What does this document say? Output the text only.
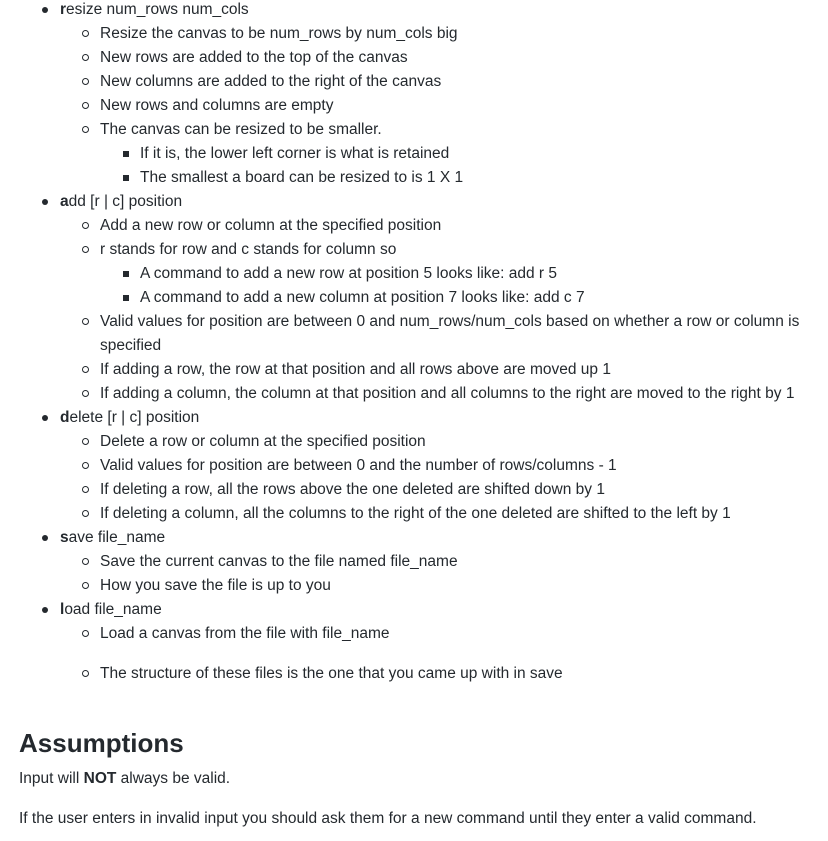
resize num_rows num_cols
Resize the canvas to be num_rows by num_cols big
New rows are added to the top of the canvas
New columns are added to the right of the canvas
New rows and columns are empty
The canvas can be resized to be smaller.
If it is, the lower left corner is what is retained
The smallest a board can be resized to is 1 X 1
add [r | c] position
Add a new row or column at the specified position
r stands for row and c stands for column so
A command to add a new row at position 5 looks like: add r 5
A command to add a new column at position 7 looks like: add c 7
Valid values for position are between 0 and num_rows/num_cols based on whether a row or column is specified
If adding a row, the row at that position and all rows above are moved up 1
If adding a column, the column at that position and all columns to the right are moved to the right by 1
delete [r | c] position
Delete a row or column at the specified position
Valid values for position are between 0 and the number of rows/columns - 1
If deleting a row, all the rows above the one deleted are shifted down by 1
If deleting a column, all the columns to the right of the one deleted are shifted to the left by 1
save file_name
Save the current canvas to the file named file_name
How you save the file is up to you
load file_name
Load a canvas from the file with file_name
The structure of these files is the one that you came up with in save
Assumptions

Input will NOT always be valid.

If the user enters in invalid input you should ask them for a new command until they enter a valid command.
